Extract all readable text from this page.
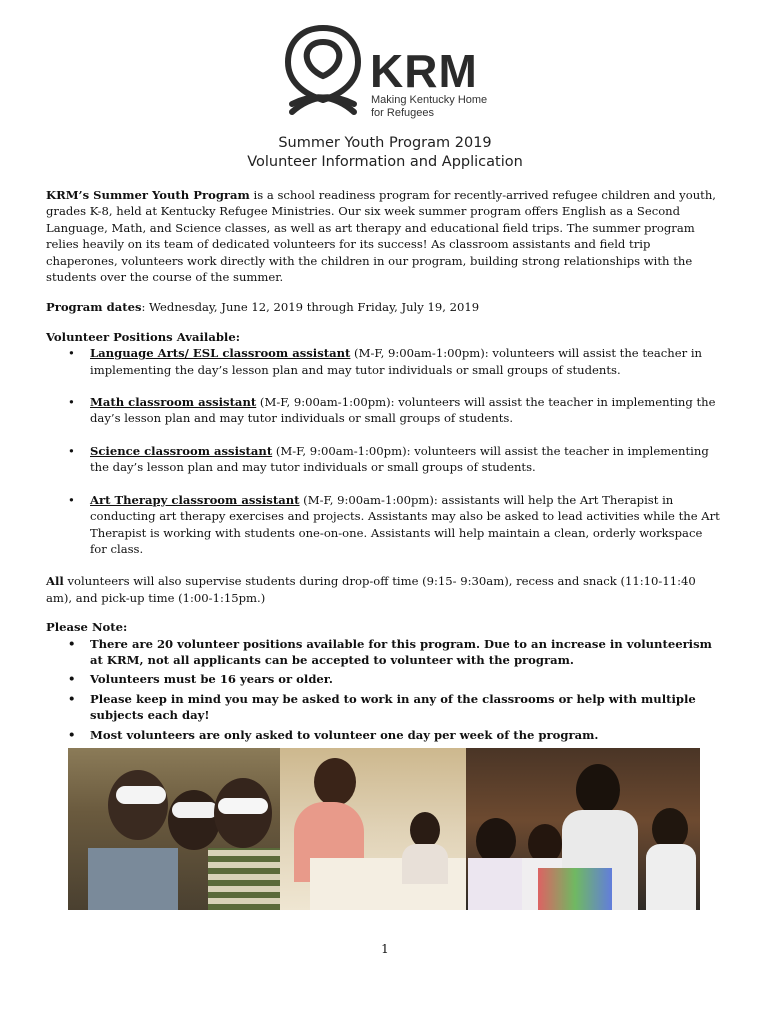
KRM
Making Kentucky Home
for Refugees
Summer Youth Program 2019
Volunteer Information and Application

KRM’s Summer Youth Program is a school readiness program for recently-arrived refugee children and youth, grades K-8, held at Kentucky Refugee Ministries. Our six week summer program offers English as a Second Language, Math, and Science classes, as well as art therapy and educational field trips. The summer program relies heavily on its team of dedicated volunteers for its success! As classroom assistants and field trip chaperones, volunteers work directly with the children in our program, building strong relationships with the students over the course of the summer.

Program dates: Wednesday, June 12, 2019 through Friday, July 19, 2019

Volunteer Positions Available:

• Language Arts/ ESL classroom assistant (M-F, 9:00am-1:00pm): volunteers will assist the teacher in implementing the day’s lesson plan and may tutor individuals or small groups of students.
• Math classroom assistant (M-F, 9:00am-1:00pm): volunteers will assist the teacher in implementing the day’s lesson plan and may tutor individuals or small groups of students.
• Science classroom assistant (M-F, 9:00am-1:00pm): volunteers will assist the teacher in implementing the day’s lesson plan and may tutor individuals or small groups of students.
• Art Therapy classroom assistant (M-F, 9:00am-1:00pm): assistants will help the Art Therapist in conducting art therapy exercises and projects. Assistants may also be asked to lead activities while the Art Therapist is working with students one-on-one. Assistants will help maintain a clean, orderly workspace for class.

All volunteers will also supervise students during drop-off time (9:15- 9:30am), recess and snack (11:10-11:40 am), and pick-up time (1:00-1:15pm.)

Please Note:

• There are 20 volunteer positions available for this program. Due to an increase in volunteerism at KRM, not all applicants can be accepted to volunteer with the program.
• Volunteers must be 16 years or older.
• Please keep in mind you may be asked to work in any of the classrooms or help with multiple subjects each day!
• Most volunteers are only asked to volunteer one day per week of the program.
1
